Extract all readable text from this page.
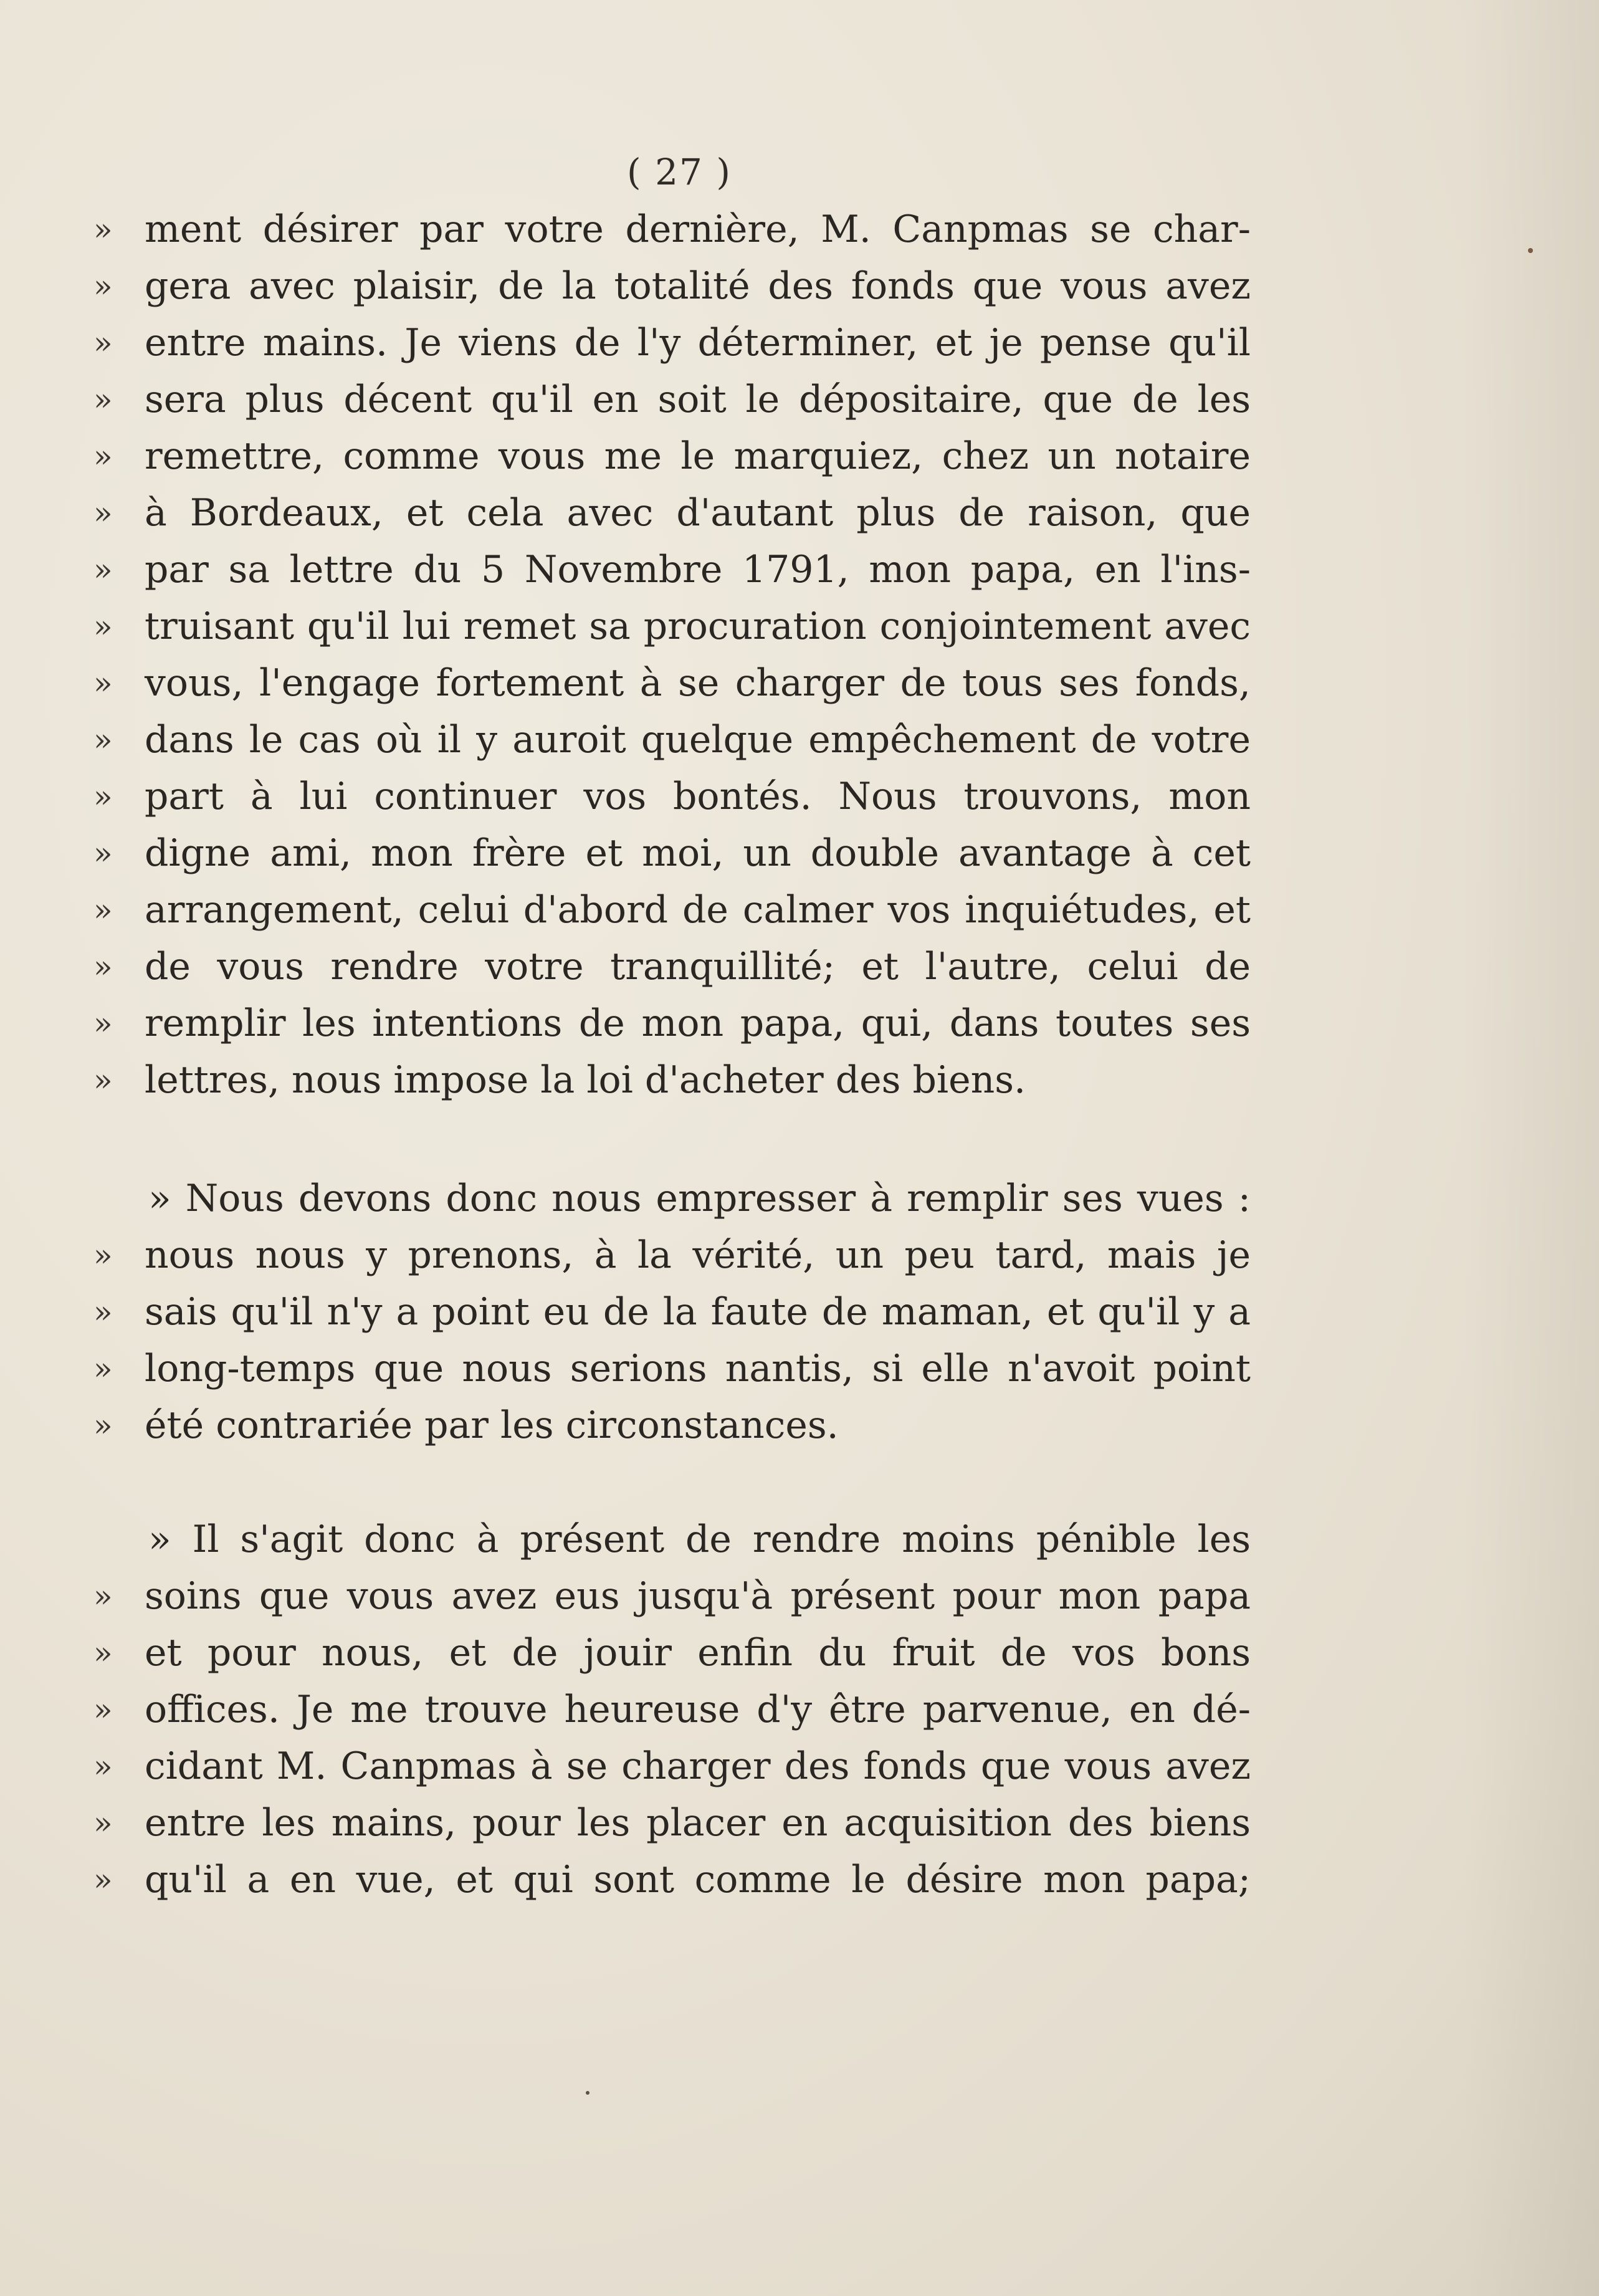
( 27 )
» ment désirer par votre dernière, M. Canpmas se char-
» gera avec plaisir, de la totalité des fonds que vous avez
» entre mains. Je viens de l'y déterminer, et je pense qu'il
» sera plus décent qu'il en soit le dépositaire, que de les
» remettre, comme vous me le marquiez, chez un notaire
» à Bordeaux, et cela avec d'autant plus de raison, que
» par sa lettre du 5 Novembre 1791, mon papa, en l'ins-
» truisant qu'il lui remet sa procuration conjointement avec
» vous, l'engage fortement à se charger de tous ses fonds,
» dans le cas où il y auroit quelque empêchement de votre
» part à lui continuer vos bontés. Nous trouvons, mon
» digne ami, mon frère et moi, un double avantage à cet
» arrangement, celui d'abord de calmer vos inquiétudes, et
» de vous rendre votre tranquillité; et l'autre, celui de
» remplir les intentions de mon papa, qui, dans toutes ses
» lettres, nous impose la loi d'acheter des biens.
» Nous devons donc nous empresser à remplir ses vues :
» nous nous y prenons, à la vérité, un peu tard, mais je
» sais qu'il n'y a point eu de la faute de maman, et qu'il y a
» long-temps que nous serions nantis, si elle n'avoit point
» été contrariée par les circonstances.
» Il s'agit donc à présent de rendre moins pénible les
» soins que vous avez eus jusqu'à présent pour mon papa
» et pour nous, et de jouir enfin du fruit de vos bons
» offices. Je me trouve heureuse d'y être parvenue, en dé-
» cidant M. Canpmas à se charger des fonds que vous avez
» entre les mains, pour les placer en acquisition des biens
» qu'il a en vue, et qui sont comme le désire mon papa;
